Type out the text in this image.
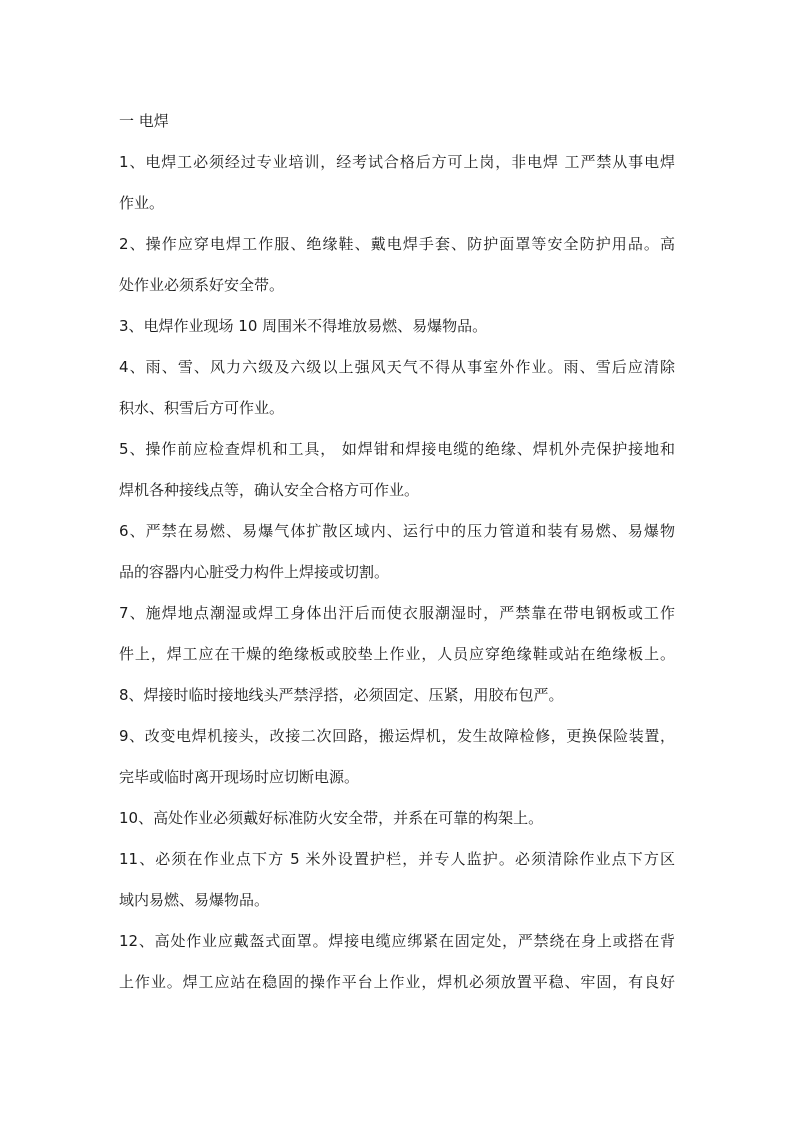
一 电焊
1、电焊工必须经过专业培训，经考试合格后方可上岗，非电焊 工严禁从事电焊
作业。
2、操作应穿电焊工作服、绝缘鞋、戴电焊手套、防护面罩等安全防护用品。高
处作业必须系好安全带。
3、电焊作业现场 10 周围米不得堆放易燃、易爆物品。
4、雨、雪、风力六级及六级以上强风天气不得从事室外作业。雨、雪后应清除
积水、积雪后方可作业。
5、操作前应检查焊机和工具， 如焊钳和焊接电缆的绝缘、焊机外壳保护接地和
焊机各种接线点等，确认安全合格方可作业。
6、严禁在易燃、易爆气体扩散区域内、运行中的压力管道和装有易燃、易爆物
品的容器内心脏受力构件上焊接或切割。
7、施焊地点潮湿或焊工身体出汗后而使衣服潮湿时，严禁靠在带电钢板或工作
件上，焊工应在干燥的绝缘板或胶垫上作业，人员应穿绝缘鞋或站在绝缘板上。
8、焊接时临时接地线头严禁浮搭，必须固定、压紧，用胶布包严。
9、改变电焊机接头，改接二次回路，搬运焊机，发生故障检修，更换保险装置，
完毕或临时离开现场时应切断电源。
10、高处作业必须戴好标准防火安全带，并系在可靠的构架上。
11、必须在作业点下方 5 米外设置护栏，并专人监护。必须清除作业点下方区
域内易燃、易爆物品。
12、高处作业应戴盔式面罩。焊接电缆应绑紧在固定处，严禁绕在身上或搭在背
上作业。焊工应站在稳固的操作平台上作业，焊机必须放置平稳、牢固，有良好
